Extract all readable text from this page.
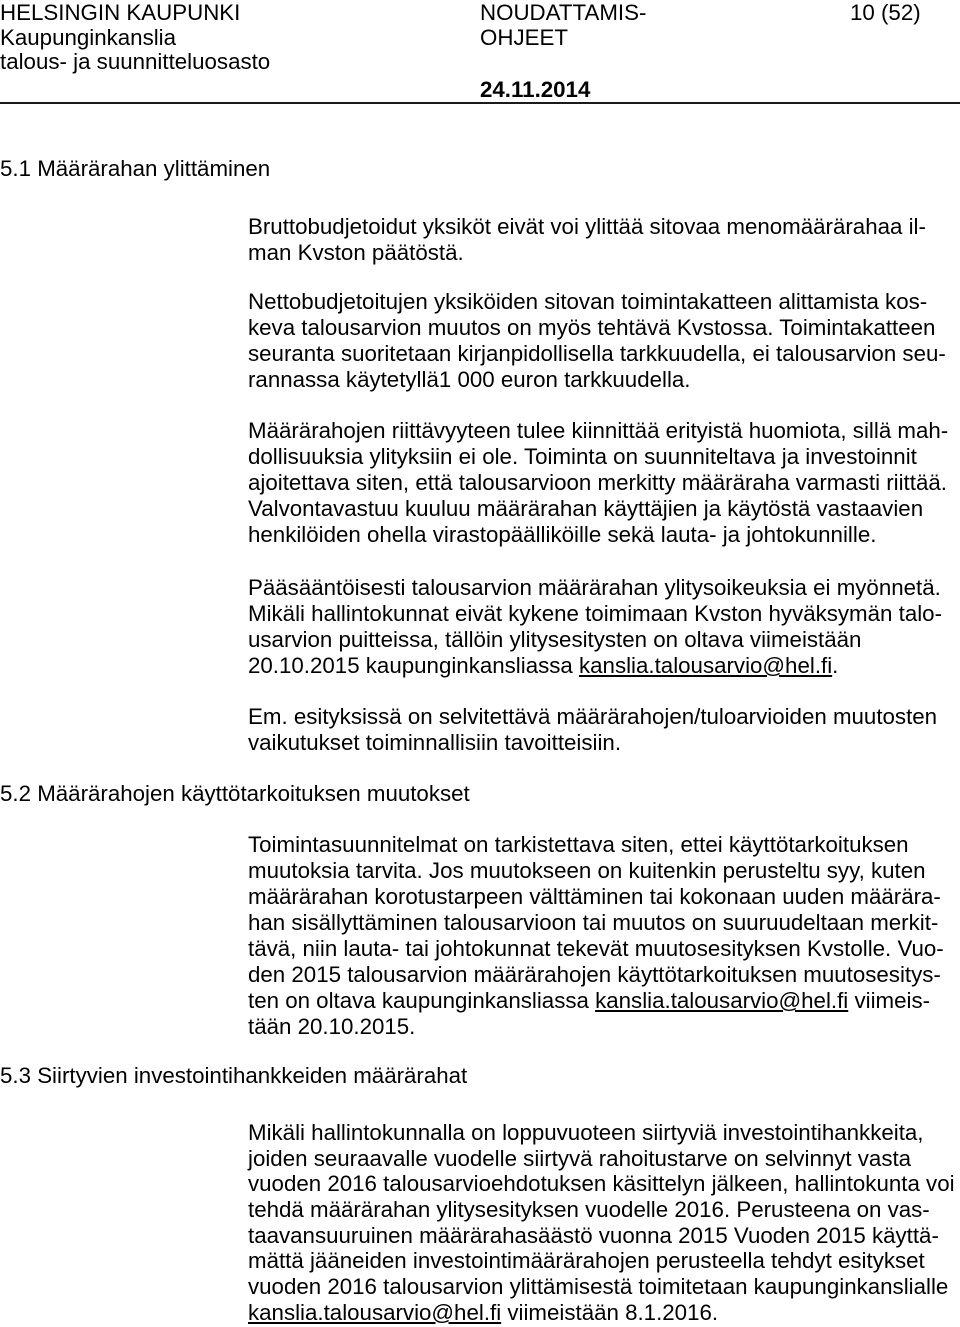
HELSINGIN KAUPUNKI
Kaupunginkanslia
talous- ja suunnitteluosasto
NOUDATTAMIS-
OHJEET
24.11.2014
10 (52)
5.1 Määrärahan ylittäminen
Bruttobudjetoidut yksiköt eivät voi ylittää sitovaa menomäärärahaa il-
man Kvston päätöstä.
Nettobudjetoitujen yksiköiden sitovan toimintakatteen alittamista kos-
keva talousarvion muutos on myös tehtävä Kvstossa. Toimintakatteen
seuranta suoritetaan kirjanpidollisella tarkkuudella, ei talousarvion seu-
rannassa käytetyllä1 000 euron tarkkuudella.
Määrärahojen riittävyyteen tulee kiinnittää erityistä huomiota, sillä mah-
dollisuuksia ylityksiin ei ole. Toiminta on suunniteltava ja investoinnit
ajoitettava siten, että talousarvioon merkitty määräraha varmasti riittää.
Valvontavastuu kuuluu määrärahan käyttäjien ja käytöstä vastaavien
henkilöiden ohella virastopäälliköille sekä lauta- ja johtokunnille.
Pääsääntöisesti talousarvion määrärahan ylitysoikeuksia ei myönnetä.
Mikäli hallintokunnat eivät kykene toimimaan Kvston hyväksymän talo-
usarvion puitteissa, tällöin ylitysesitysten on oltava viimeistään
20.10.2015 kaupunginkansliassa kanslia.talousarvio@hel.fi.
Em. esityksissä on selvitettävä määrärahojen/tuloarvioiden muutosten
vaikutukset toiminnallisiin tavoitteisiin.
5.2 Määrärahojen käyttötarkoituksen muutokset
Toimintasuunnitelmat on tarkistettava siten, ettei käyttötarkoituksen
muutoksia tarvita. Jos muutokseen on kuitenkin perusteltu syy, kuten
määrärahan korotustarpeen välttäminen tai kokonaan uuden määrära-
han sisällyttäminen talousarvioon tai muutos on suuruudeltaan merkit-
tävä, niin lauta- tai johtokunnat tekevät muutosesityksen Kvstolle. Vuo-
den 2015 talousarvion määrärahojen käyttötarkoituksen muutosesitys-
ten on oltava kaupunginkansliassa kanslia.talousarvio@hel.fi viimeis-
tään 20.10.2015.
5.3 Siirtyvien investointihankkeiden määrärahat
Mikäli hallintokunnalla on loppuvuoteen siirtyviä investointihankkeita,
joiden seuraavalle vuodelle siirtyvä rahoitustarve on selvinnyt vasta
vuoden 2016 talousarvioehdotuksen käsittelyn jälkeen, hallintokunta voi
tehdä määrärahan ylitysesityksen vuodelle 2016. Perusteena on vas-
taavansuuruinen määrärahasäästö vuonna 2015 Vuoden 2015 käyttä-
mättä jääneiden investointimäärärahojen perusteella tehdyt esitykset
vuoden 2016 talousarvion ylittämisestä toimitetaan kaupunginkanslialle
kanslia.talousarvio@hel.fi viimeistään 8.1.2016.
